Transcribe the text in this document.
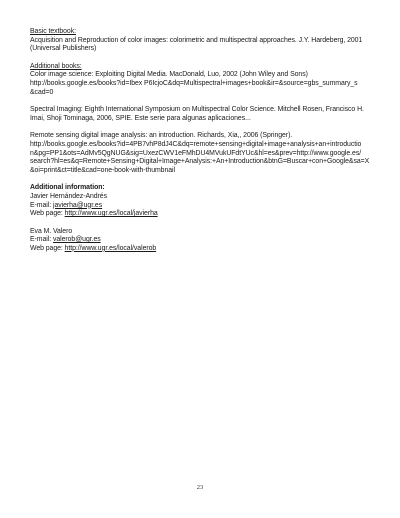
Basic textbook:
Acquisition and Reproduction of color images: colorimetric and multispectral approaches. J.Y. Hardeberg, 2001
(Universal Publishers)
Additional books:
Color image science: Exploiting Digital Media. MacDonald, Luo, 2002 (John Wiley and Sons)
http://books.google.es/books?id=Ibex P6IcjoC&dq=Multispectral+images+book&ir=&source=gbs_summary_s
&cad=0
Spectral Imaging: Eighth International Symposium on Multispectral Color Science. Mitchell Rosen, Francisco H.
Imai, Shoji Tominaga, 2006, SPIE. Este serie para algunas aplicaciones...
Remote sensing digital image analysis: an introduction. Richards, Xia,, 2006 (Springer).
http://books.google.es/books?id=4PB7vhP8dJ4C&dq=remote+sensing+digital+image+analysis+an+introductio
n&pg=PP1&ots=AdMv5QgNUG&sig=UxezCWV1eFMhDU4MVukUFdtYUc&hl=es&prev=http://www.google.es/
search?hl=es&q=Remote+Sensing+Digital+Image+Analysis:+An+Introduction&btnG=Buscar+con+Google&sa=X
&oi=print&ct=title&cad=one-book-with-thumbnail
Additional information:
Javier Hernández-Andrés
E-mail: javierha@ugr.es
Web page: http://www.ugr.es/local/javierha
Eva M. Valero
E-mail: valerob@ugr.es
Web page: http://www.ugr.es/local/valerob
23
